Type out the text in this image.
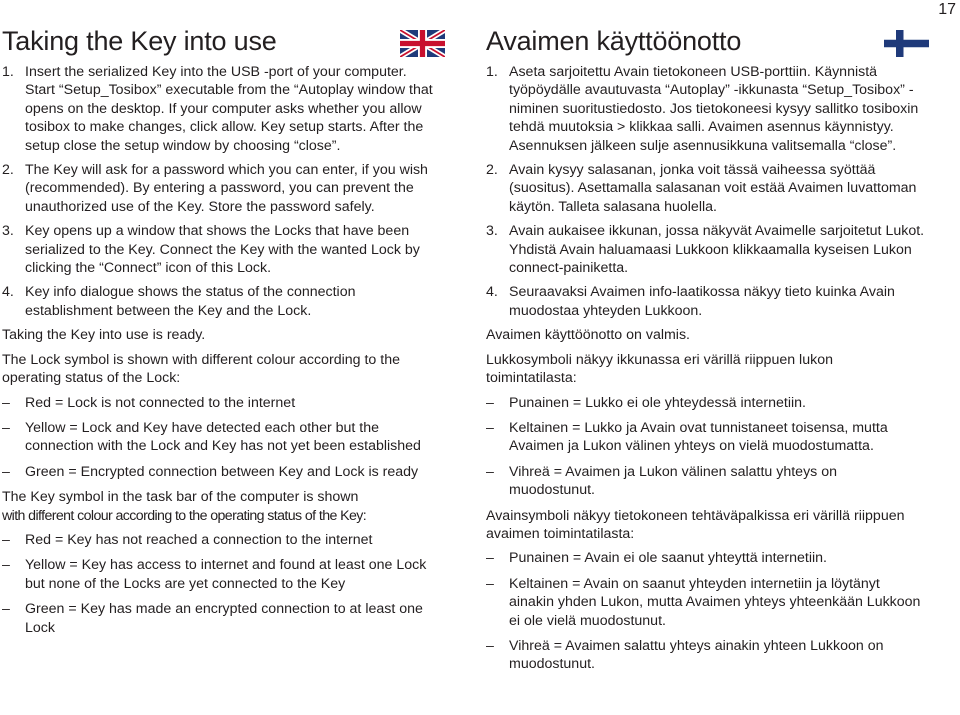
17
Taking the Key into use
1. Insert the serialized Key into the USB -port of your computer. Start “Setup_Tosibox” executable from the “Autoplay window that opens on the desktop. If your computer asks whether you allow tosibox to make changes, click allow. Key setup starts. After the setup close the setup window by choosing “close”.
2. The Key will ask for a password which you can enter, if you wish (recommended). By entering a password, you can prevent the unauthorized use of the Key. Store the password safely.
3. Key opens up a window that shows the Locks that have been serialized to the Key. Connect the Key with the wanted Lock by clicking the “Connect” icon of this Lock.
4. Key info dialogue shows the status of the connection establishment between the Key and the Lock.

Taking the Key into use is ready.

The Lock symbol is shown with different colour according to the operating status of the Lock:

– Red = Lock is not connected to the internet
– Yellow = Lock and Key have detected each other but the connection with the Lock and Key has not yet been established
– Green = Encrypted connection between Key and Lock is ready

The Key symbol in the task bar of the computer is shown

with different colour according to the operating status of the Key:

– Red = Key has not reached a connection to the internet
– Yellow = Key has access to internet and found at least one Lock but none of the Locks are yet connected to the Key
– Green = Key has made an encrypted connection to at least one Lock
Avaimen käyttöönotto
1. Aseta sarjoitettu Avain tietokoneen USB-porttiin. Käynnistä työpöydälle avautuvasta “Autoplay” -ikkunasta “Setup_Tosibox” -niminen suoritustiedosto. Jos tietokoneesi kysyy sallitko tosiboxin tehdä muutoksia > klikkaa salli. Avaimen asennus käynnistyy. Asennuksen jälkeen sulje asennusikkuna valitsemalla “close”.
2. Avain kysyy salasanan, jonka voit tässä vaiheessa syöttää (suositus). Asettamalla salasanan voit estää Avaimen luvattoman käytön. Talleta salasana huolella.
3. Avain aukaisee ikkunan, jossa näkyvät Avaimelle sarjoitetut Lukot. Yhdistä Avain haluamaasi Lukkoon klikkaamalla kyseisen Lukon connect-painiketta.
4. Seuraavaksi Avaimen info-laatikossa näkyy tieto kuinka Avain muodostaa yhteyden Lukkoon.

Avaimen käyttöönotto on valmis.

Lukkosymboli näkyy ikkunassa eri värillä riippuen lukon toimintatilasta:

– Punainen = Lukko ei ole yhteydessä internetiin.
– Keltainen = Lukko ja Avain ovat tunnistaneet toisensa, mutta Avaimen ja Lukon välinen yhteys on vielä muodostumatta.
– Vihreä = Avaimen ja Lukon välinen salattu yhteys on muodostunut.

Avainsymboli näkyy tietokoneen tehtäväpalkissa eri värillä riippuen avaimen toimintatilasta:

– Punainen = Avain ei ole saanut yhteyttä internetiin.
– Keltainen = Avain on saanut yhteyden internetiin ja löytänyt ainakin yhden Lukon, mutta Avaimen yhteys yhteenkään Lukkoon ei ole vielä muodostunut.
– Vihreä = Avaimen salattu yhteys ainakin yhteen Lukkoon on muodostunut.
